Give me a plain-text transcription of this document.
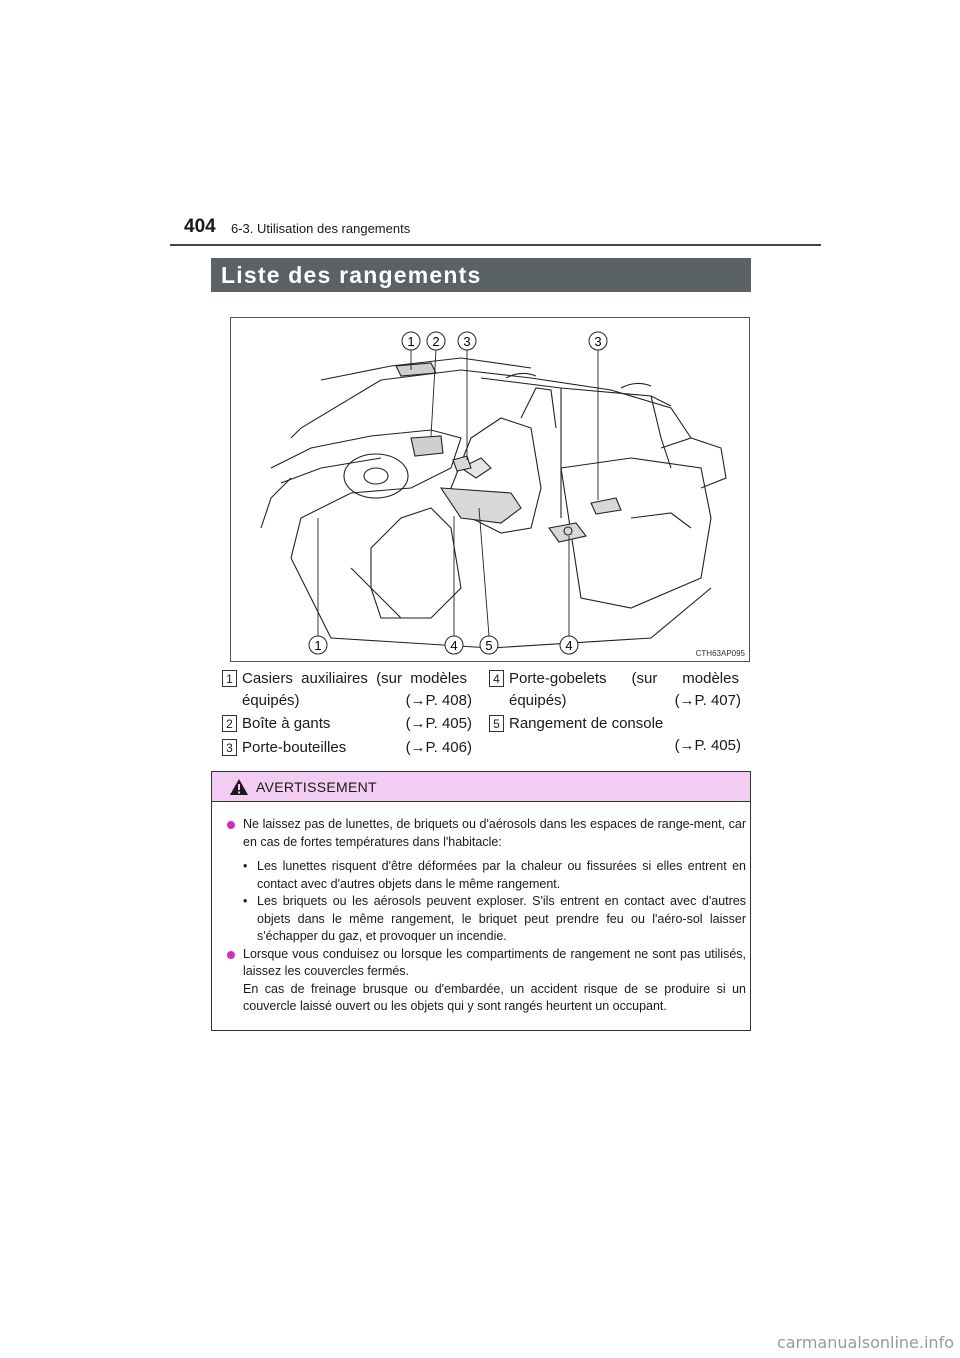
404 6-3. Utilisation des rangements
Liste des rangements
1 2 3	3
1	4 5	4
CTH63AP095
1 Casiers auxiliaires (sur modèles
équipés)	(→P. 408)
2 Boîte à gants	(→P. 405)
3 Porte-bouteilles	(→P. 406)
4 Porte-gobelets (sur modèles
équipés)	(→P. 407)
5 Rangement de console
(→P. 405)
AVERTISSEMENT
Ne laissez pas de lunettes, de briquets ou d'aérosols dans les espaces de range-ment, car en cas de fortes températures dans l'habitacle:
• Les lunettes risquent d'être déformées par la chaleur ou fissurées si elles entrent en contact avec d'autres objets dans le même rangement.
• Les briquets ou les aérosols peuvent exploser. S'ils entrent en contact avec d'autres objets dans le même rangement, le briquet peut prendre feu ou l'aéro-sol laisser s'échapper du gaz, et provoquer un incendie.
Lorsque vous conduisez ou lorsque les compartiments de rangement ne sont pas utilisés, laissez les couvercles fermés.
En cas de freinage brusque ou d'embardée, un accident risque de se produire si un couvercle laissé ouvert ou les objets qui y sont rangés heurtent un occupant.
carmanualsonline.info
